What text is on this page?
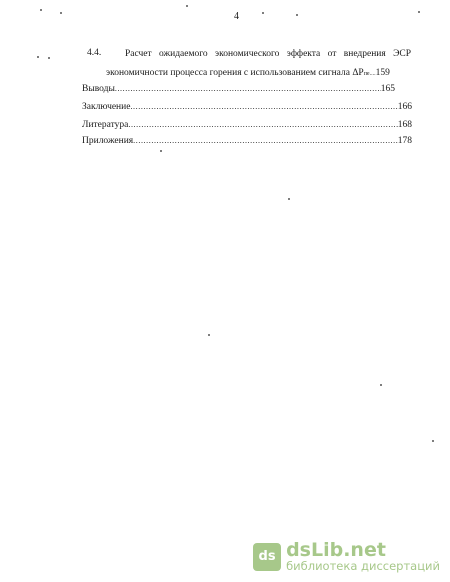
4
4.4.	Расчет ожидаемого экономического эффекта от внедрения ЭСР
экономичности процесса горения с использованием сигнала ΔP пе.... 159
Выводы .....	165
Заключение .....	166
Литература .....	168
Приложения .....	178
ds dsLib.net
библиотека диссертаций
